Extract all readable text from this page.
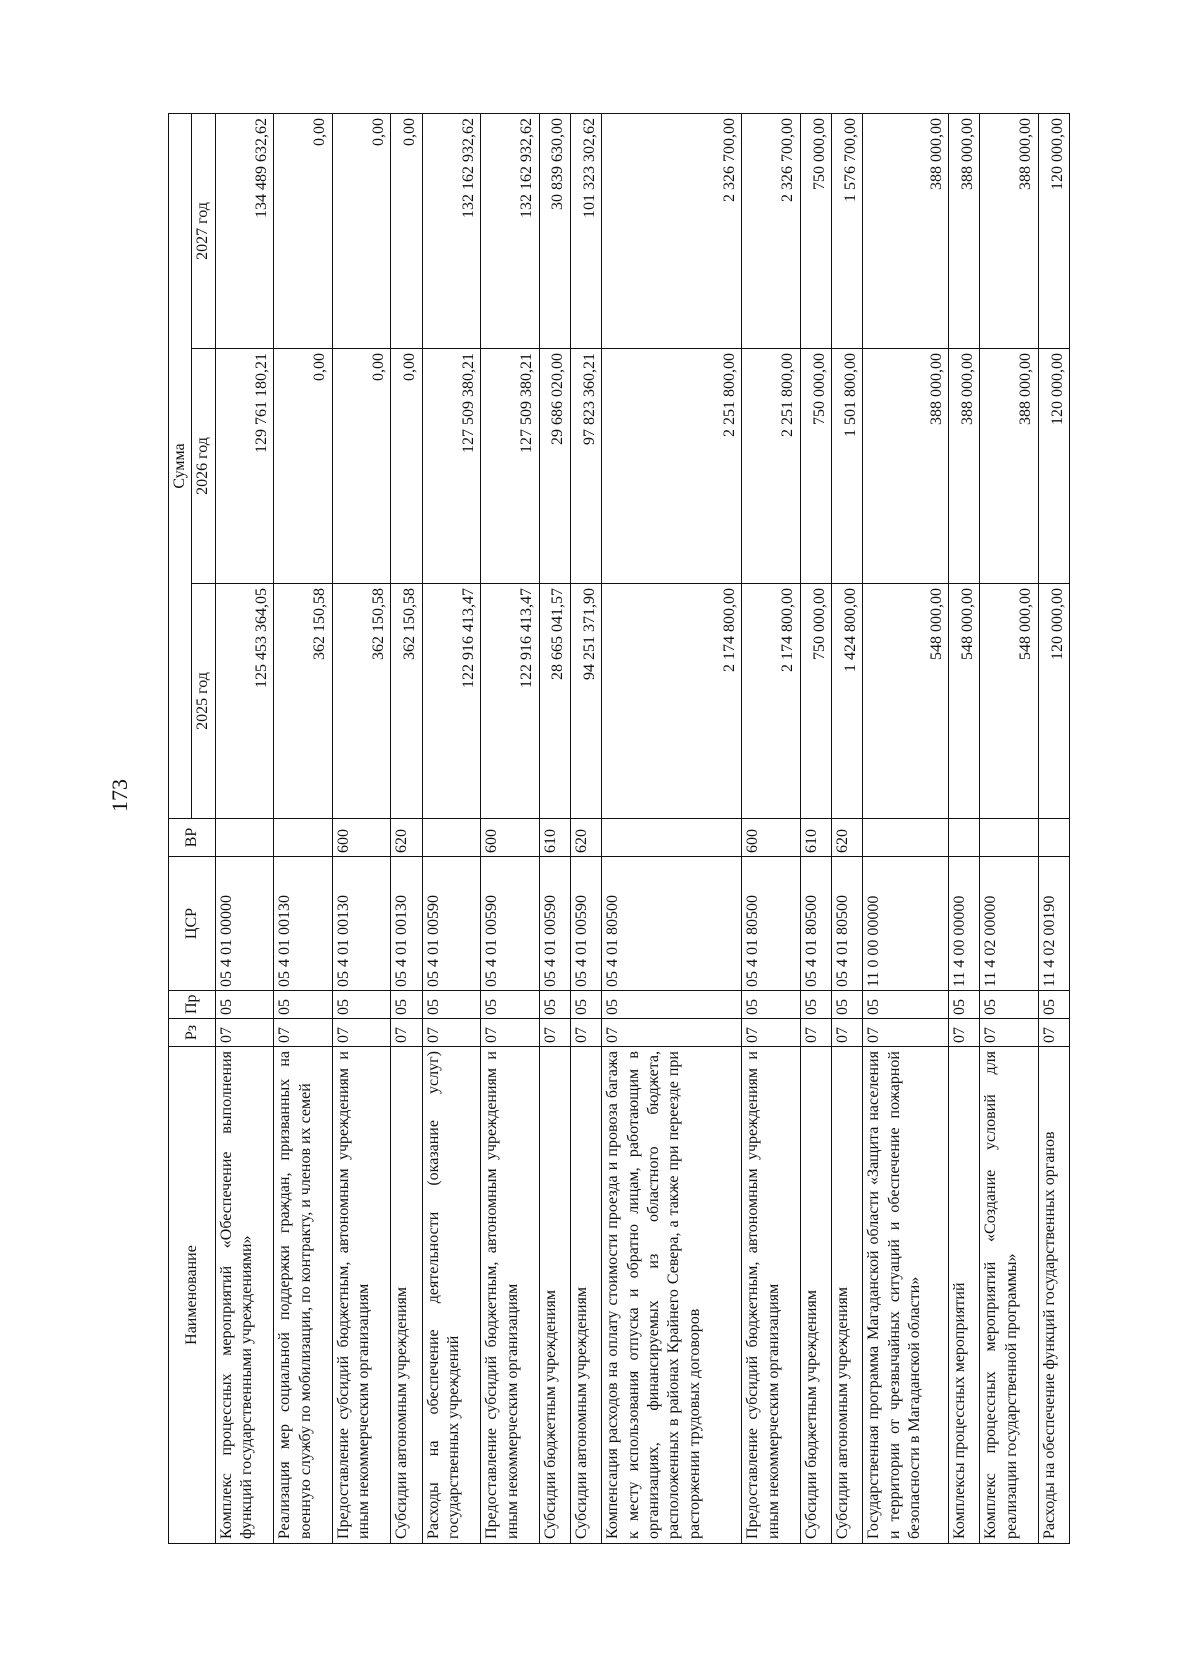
173
Наименование	Рз	Пр	ЦСР	ВР	Сумма		
					2025 год	2026 год	2027 год
Комплекс процессных мероприятий «Обеспечение выполнения функций государственными учреждениями»	07	05	05 4 01 00000		125 453 364,05	129 761 180,21	134 489 632,62
Реализация мер социальной поддержки граждан, призванных на военную службу по мобилизации, по контракту, и членов их семей	07	05	05 4 01 00130		362 150,58	0,00	0,00
Предоставление субсидий бюджетным, автономным учреждениям и иным некоммерческим организациям	07	05	05 4 01 00130	600	362 150,58	0,00	0,00
Субсидии автономным учреждениям	07	05	05 4 01 00130	620	362 150,58	0,00	0,00
Расходы на обеспечение деятельности (оказание услуг) государственных учреждений	07	05	05 4 01 00590		122 916 413,47	127 509 380,21	132 162 932,62
Предоставление субсидий бюджетным, автономным учреждениям и иным некоммерческим организациям	07	05	05 4 01 00590	600	122 916 413,47	127 509 380,21	132 162 932,62
Субсидии бюджетным учреждениям	07	05	05 4 01 00590	610	28 665 041,57	29 686 020,00	30 839 630,00
Субсидии автономным учреждениям	07	05	05 4 01 00590	620	94 251 371,90	97 823 360,21	101 323 302,62
Компенсация расходов на оплату стоимости проезда и провоза багажа к месту использования отпуска и обратно лицам, работающим в организациях, финансируемых из областного бюджета, расположенных в районах Крайнего Севера, а также при переезде при расторжении трудовых договоров	07	05	05 4 01 80500		2 174 800,00	2 251 800,00	2 326 700,00
Предоставление субсидий бюджетным, автономным учреждениям и иным некоммерческим организациям	07	05	05 4 01 80500	600	2 174 800,00	2 251 800,00	2 326 700,00
Субсидии бюджетным учреждениям	07	05	05 4 01 80500	610	750 000,00	750 000,00	750 000,00
Субсидии автономным учреждениям	07	05	05 4 01 80500	620	1 424 800,00	1 501 800,00	1 576 700,00
Государственная программа Магаданской области «Защита населения и территории от чрезвычайных ситуаций и обеспечение пожарной безопасности в Магаданской области»	07	05	11 0 00 00000		548 000,00	388 000,00	388 000,00
Комплексы процессных мероприятий	07	05	11 4 00 00000		548 000,00	388 000,00	388 000,00
Комплекс процессных мероприятий «Создание условий для реализации государственной программы»	07	05	11 4 02 00000		548 000,00	388 000,00	388 000,00
Расходы на обеспечение функций государственных органов	07	05	11 4 02 00190		120 000,00	120 000,00	120 000,00
